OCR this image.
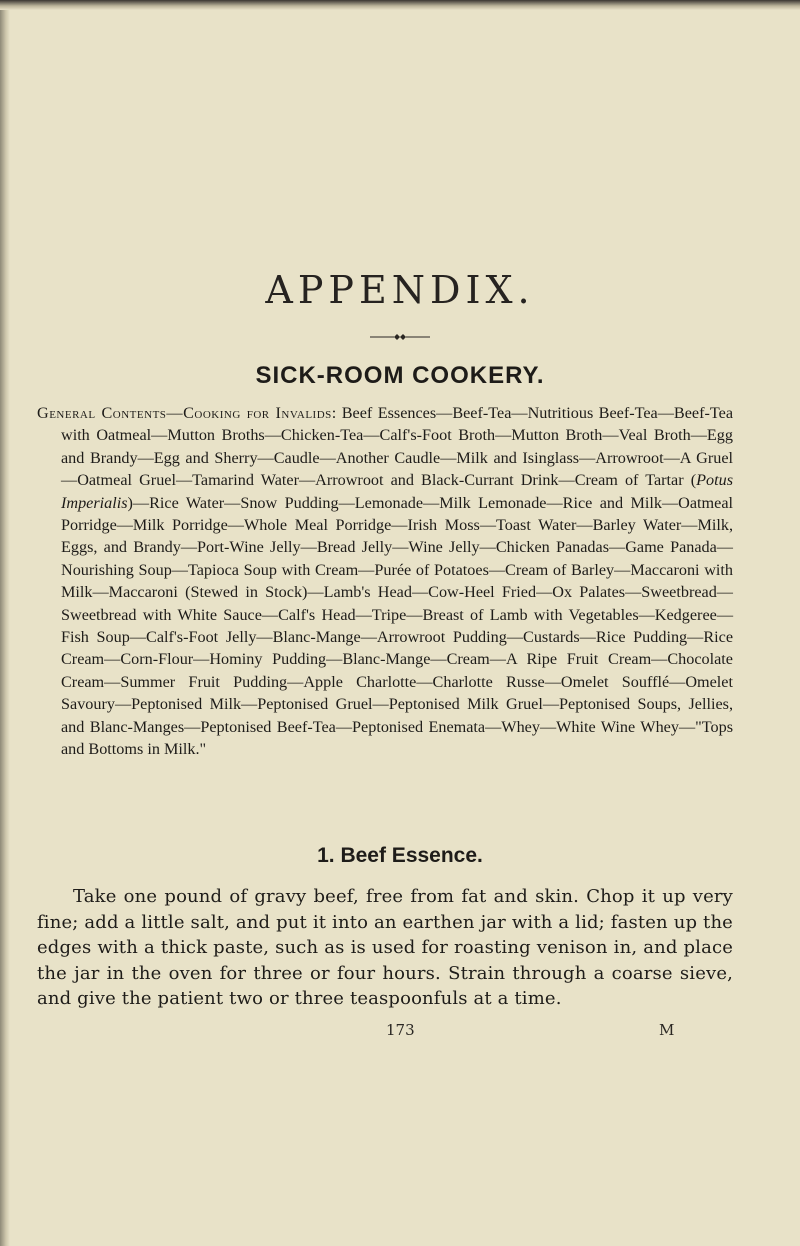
APPENDIX.
SICK-ROOM COOKERY.
General Contents—Cooking for Invalids: Beef Essences—Beef-Tea—Nutritious Beef-Tea—Beef-Tea with Oatmeal—Mutton Broths—Chicken-Tea—Calf's-Foot Broth—Mutton Broth—Veal Broth—Egg and Brandy—Egg and Sherry—Caudle—Another Caudle—Milk and Isinglass—Arrowroot—A Gruel—Oatmeal Gruel—Tamarind Water—Arrowroot and Black-Currant Drink—Cream of Tartar (Potus Imperialis)—Rice Water—Snow Pudding—Lemonade—Milk Lemonade—Rice and Milk—Oatmeal Porridge—Milk Porridge—Whole Meal Porridge—Irish Moss—Toast Water—Barley Water—Milk, Eggs, and Brandy—Port-Wine Jelly—Bread Jelly—Wine Jelly—Chicken Panadas—Game Panada—Nourishing Soup—Tapioca Soup with Cream—Purée of Potatoes—Cream of Barley—Maccaroni with Milk—Maccaroni (Stewed in Stock)—Lamb's Head—Cow-Heel Fried—Ox Palates—Sweetbread—Sweetbread with White Sauce—Calf's Head—Tripe—Breast of Lamb with Vegetables—Kedgeree—Fish Soup—Calf's-Foot Jelly—Blanc-Mange—Arrowroot Pudding—Custards—Rice Pudding—Rice Cream—Corn-Flour—Hominy Pudding—Blanc-Mange—Cream—A Ripe Fruit Cream—Chocolate Cream—Summer Fruit Pudding—Apple Charlotte—Charlotte Russe—Omelet Soufflé—Omelet Savoury—Peptonised Milk—Peptonised Gruel—Peptonised Milk Gruel—Peptonised Soups, Jellies, and Blanc-Manges—Peptonised Beef-Tea—Peptonised Enemata—Whey—White Wine Whey—"Tops and Bottoms in Milk."
1. Beef Essence.
Take one pound of gravy beef, free from fat and skin. Chop it up very fine; add a little salt, and put it into an earthen jar with a lid; fasten up the edges with a thick paste, such as is used for roasting venison in, and place the jar in the oven for three or four hours. Strain through a coarse sieve, and give the patient two or three teaspoonfuls at a time.
173	M
